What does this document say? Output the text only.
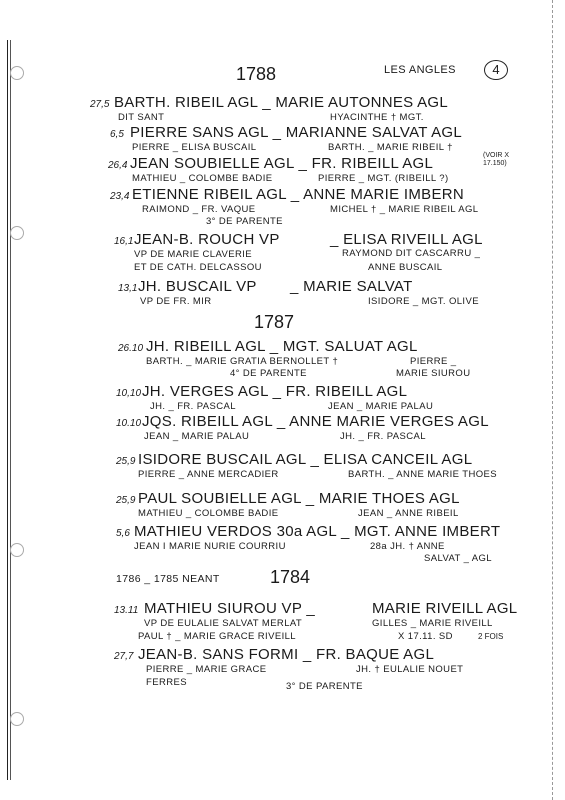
1788	LES ANGLES	4
27,5 BARTH. RIBEIL AGL _ MARIE AUTONNES AGL
DIT SANT	HYACINTHE † MGT.
6,5 PIERRE SANS AGL _ MARIANNE SALVAT AGL
PIERRE _ ELISA BUSCAIL	BARTH. _ MARIE RIBEIL †
26,4 JEAN SOUBIELLE AGL _ FR. RIBEILL AGL	(VOIR X 17.150)
MATHIEU _ COLOMBE BADIE	PIERRE _ MGT. (RIBEILL ?)
23,4 ETIENNE RIBEIL AGL _ ANNE MARIE IMBERN
RAIMOND _ FR. VAQUE	MICHEL † _ MARIE RIBEIL AGL
3° DE PARENTE
16,1 JEAN-B. ROUCH VP	_ ELISA RIVEILL AGL
VP DE MARIE CLAVERIE	RAYMOND DIT CASCARRU _
ET DE CATH. DELCASSOU	ANNE BUSCAIL
13,1 JH. BUSCAIL VP _ MARIE SALVAT
VP DE FR. MIR	ISIDORE _ MGT. OLIVE
1787
26.10 JH. RIBEILL AGL _ MGT. SALUAT AGL
BARTH. _ MARIE GRATIA BERNOLLET †	PIERRE _
4° DE PARENTE	MARIE SIUROU
10,10 JH. VERGES AGL _ FR. RIBEILL AGL
JH. _ FR. PASCAL	JEAN _ MARIE PALAU
10.10 JQS. RIBEILL AGL _ ANNE MARIE VERGES AGL
JEAN _ MARIE PALAU	JH. _ FR. PASCAL
25,9 ISIDORE BUSCAIL AGL _ ELISA CANCEIL AGL
PIERRE _ ANNE MERCADIER	BARTH. _ ANNE MARIE THOES
25,9 PAUL SOUBIELLE AGL _ MARIE THOES AGL
MATHIEU _ COLOMBE BADIE	JEAN _ ANNE RIBEIL
5,6 MATHIEU VERDOS 30a AGL _ MGT. ANNE IMBERT
JEAN I MARIE NURIE COURRIU	28a JH. † ANNE
SALVAT _ AGL
1786 _ 1785 NEANT	1784
13.11 MATHIEU SIUROU VP _	MARIE RIVEILL AGL
VP DE EULALIE SALVAT MERLAT	GILLES _ MARIE RIVEILL
PAUL † _ MARIE GRACE RIVEILL	X 17.11. SD	2 FOIS
27,7 JEAN-B. SANS FORMI _ FR. BAQUE AGL
PIERRE _ MARIE GRACE	JH. † EULALIE NOUET
FERRES	3° DE PARENTE
